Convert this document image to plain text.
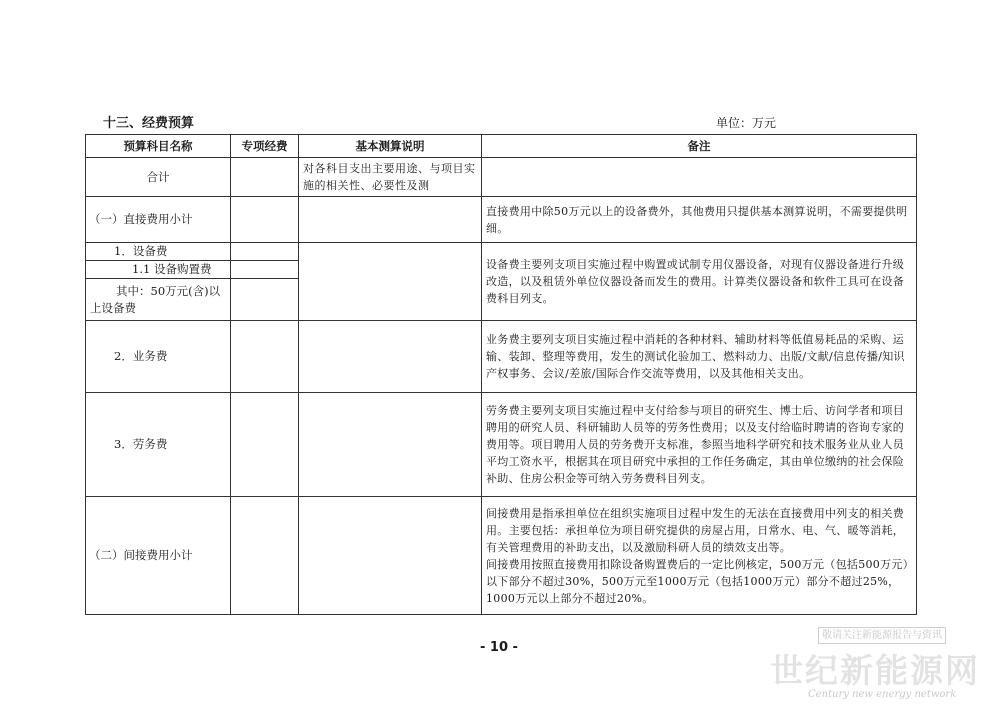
十三、经费预算	单位：万元
预算科目名称	专项经费	基本测算说明	备注
合计		对各科目支出主要用途、与项目实施的相关性、必要性及测	
（一）直接费用小计			直接费用中除50万元以上的设备费外，其他费用只提供基本测算说明，不需要提供明细。
1．设备费			设备费主要列支项目实施过程中购置或试制专用仪器设备，对现有仪器设备进行升级改造，以及租赁外单位仪器设备而发生的费用。计算类仪器设备和软件工具可在设备费科目列支。
1.1 设备购置费			
其中：50万元(含)以上设备费			
2．业务费			业务费主要列支项目实施过程中消耗的各种材料、辅助材料等低值易耗品的采购、运输、装卸、整理等费用，发生的测试化验加工、燃料动力、出版/文献/信息传播/知识产权事务、会议/差旅/国际合作交流等费用，以及其他相关支出。
3．劳务费			劳务费主要列支项目实施过程中支付给参与项目的研究生、博士后、访问学者和项目聘用的研究人员、科研辅助人员等的劳务性费用；以及支付给临时聘请的咨询专家的费用等。项目聘用人员的劳务费开支标准，参照当地科学研究和技术服务业从业人员平均工资水平，根据其在项目研究中承担的工作任务确定，其由单位缴纳的社会保险补助、住房公积金等可纳入劳务费科目列支。
（二）间接费用小计			间接费用是指承担单位在组织实施项目过程中发生的无法在直接费用中列支的相关费用。主要包括：承担单位为项目研究提供的房屋占用，日常水、电、气、暖等消耗，有关管理费用的补助支出，以及激励科研人员的绩效支出等。
间接费用按照直接费用扣除设备购置费后的一定比例核定，500万元（包括500万元）以下部分不超过30%，500万元至1000万元（包括1000万元）部分不超过25%，1000万元以上部分不超过20%。
- 10 -
敬请关注新能源报告与资讯
世纪新能源网
Century new energy network
